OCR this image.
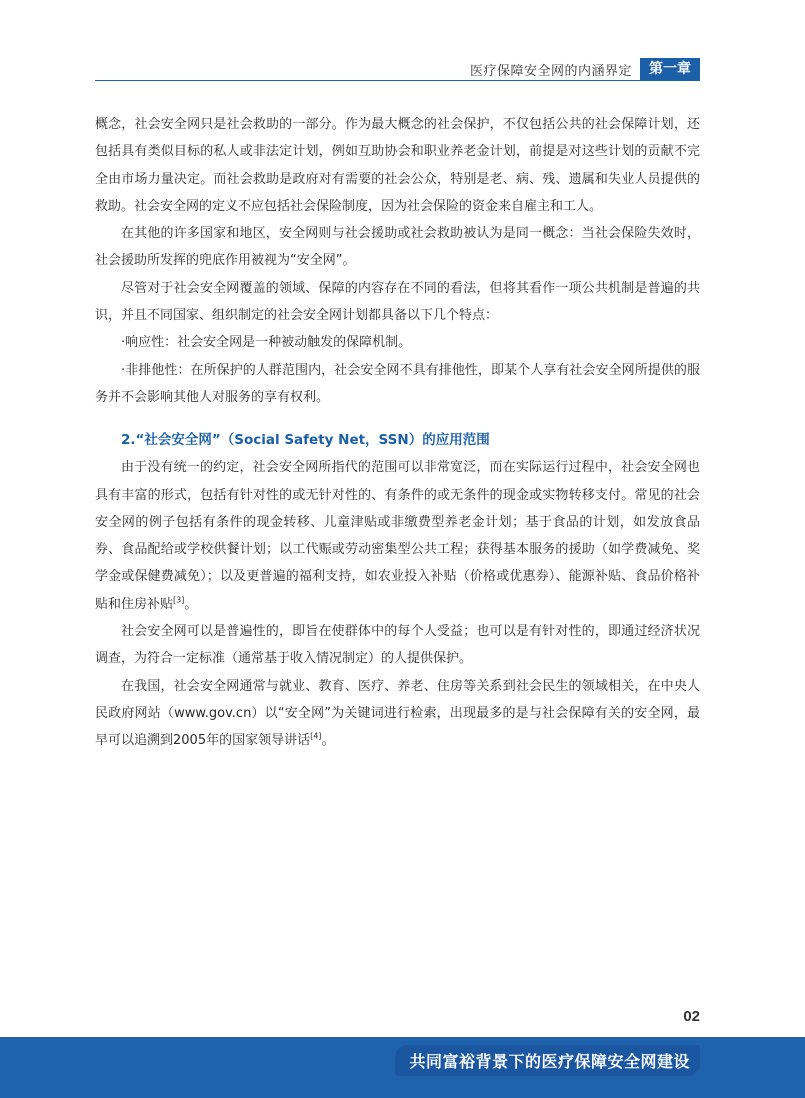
医疗保障安全网的内涵界定	第一章

概念，社会安全网只是社会救助的一部分。作为最大概念的社会保护，不仅包括公共的社会保障计划，还包括具有类似目标的私人或非法定计划，例如互助协会和职业养老金计划，前提是对这些计划的贡献不完全由市场力量决定。而社会救助是政府对有需要的社会公众，特别是老、病、残、遗属和失业人员提供的救助。社会安全网的定义不应包括社会保险制度，因为社会保险的资金来自雇主和工人。

在其他的许多国家和地区，安全网则与社会援助或社会救助被认为是同一概念：当社会保险失效时，社会援助所发挥的兜底作用被视为“安全网”。

尽管对于社会安全网覆盖的领域、保障的内容存在不同的看法，但将其看作一项公共机制是普遍的共识，并且不同国家、组织制定的社会安全网计划都具备以下几个特点：

·响应性：社会安全网是一种被动触发的保障机制。

·非排他性：在所保护的人群范围内，社会安全网不具有排他性，即某个人享有社会安全网所提供的服务并不会影响其他人对服务的享有权利。

2.“社会安全网”（Social Safety Net，SSN）的应用范围

由于没有统一的约定，社会安全网所指代的范围可以非常宽泛，而在实际运行过程中，社会安全网也具有丰富的形式，包括有针对性的或无针对性的、有条件的或无条件的现金或实物转移支付。常见的社会安全网的例子包括有条件的现金转移、儿童津贴或非缴费型养老金计划；基于食品的计划，如发放食品券、食品配给或学校供餐计划；以工代赈或劳动密集型公共工程；获得基本服务的援助（如学费减免、奖学金或保健费减免）；以及更普遍的福利支持，如农业投入补贴（价格或优惠券）、能源补贴、食品价格补贴和住房补贴[3]。

社会安全网可以是普遍性的，即旨在使群体中的每个人受益；也可以是有针对性的，即通过经济状况调查，为符合一定标准（通常基于收入情况制定）的人提供保护。

在我国，社会安全网通常与就业、教育、医疗、养老、住房等关系到社会民生的领域相关，在中央人民政府网站（www.gov.cn）以“安全网”为关键词进行检索，出现最多的是与社会保障有关的安全网，最早可以追溯到2005年的国家领导讲话[4]。

02
共同富裕背景下的医疗保障安全网建设
